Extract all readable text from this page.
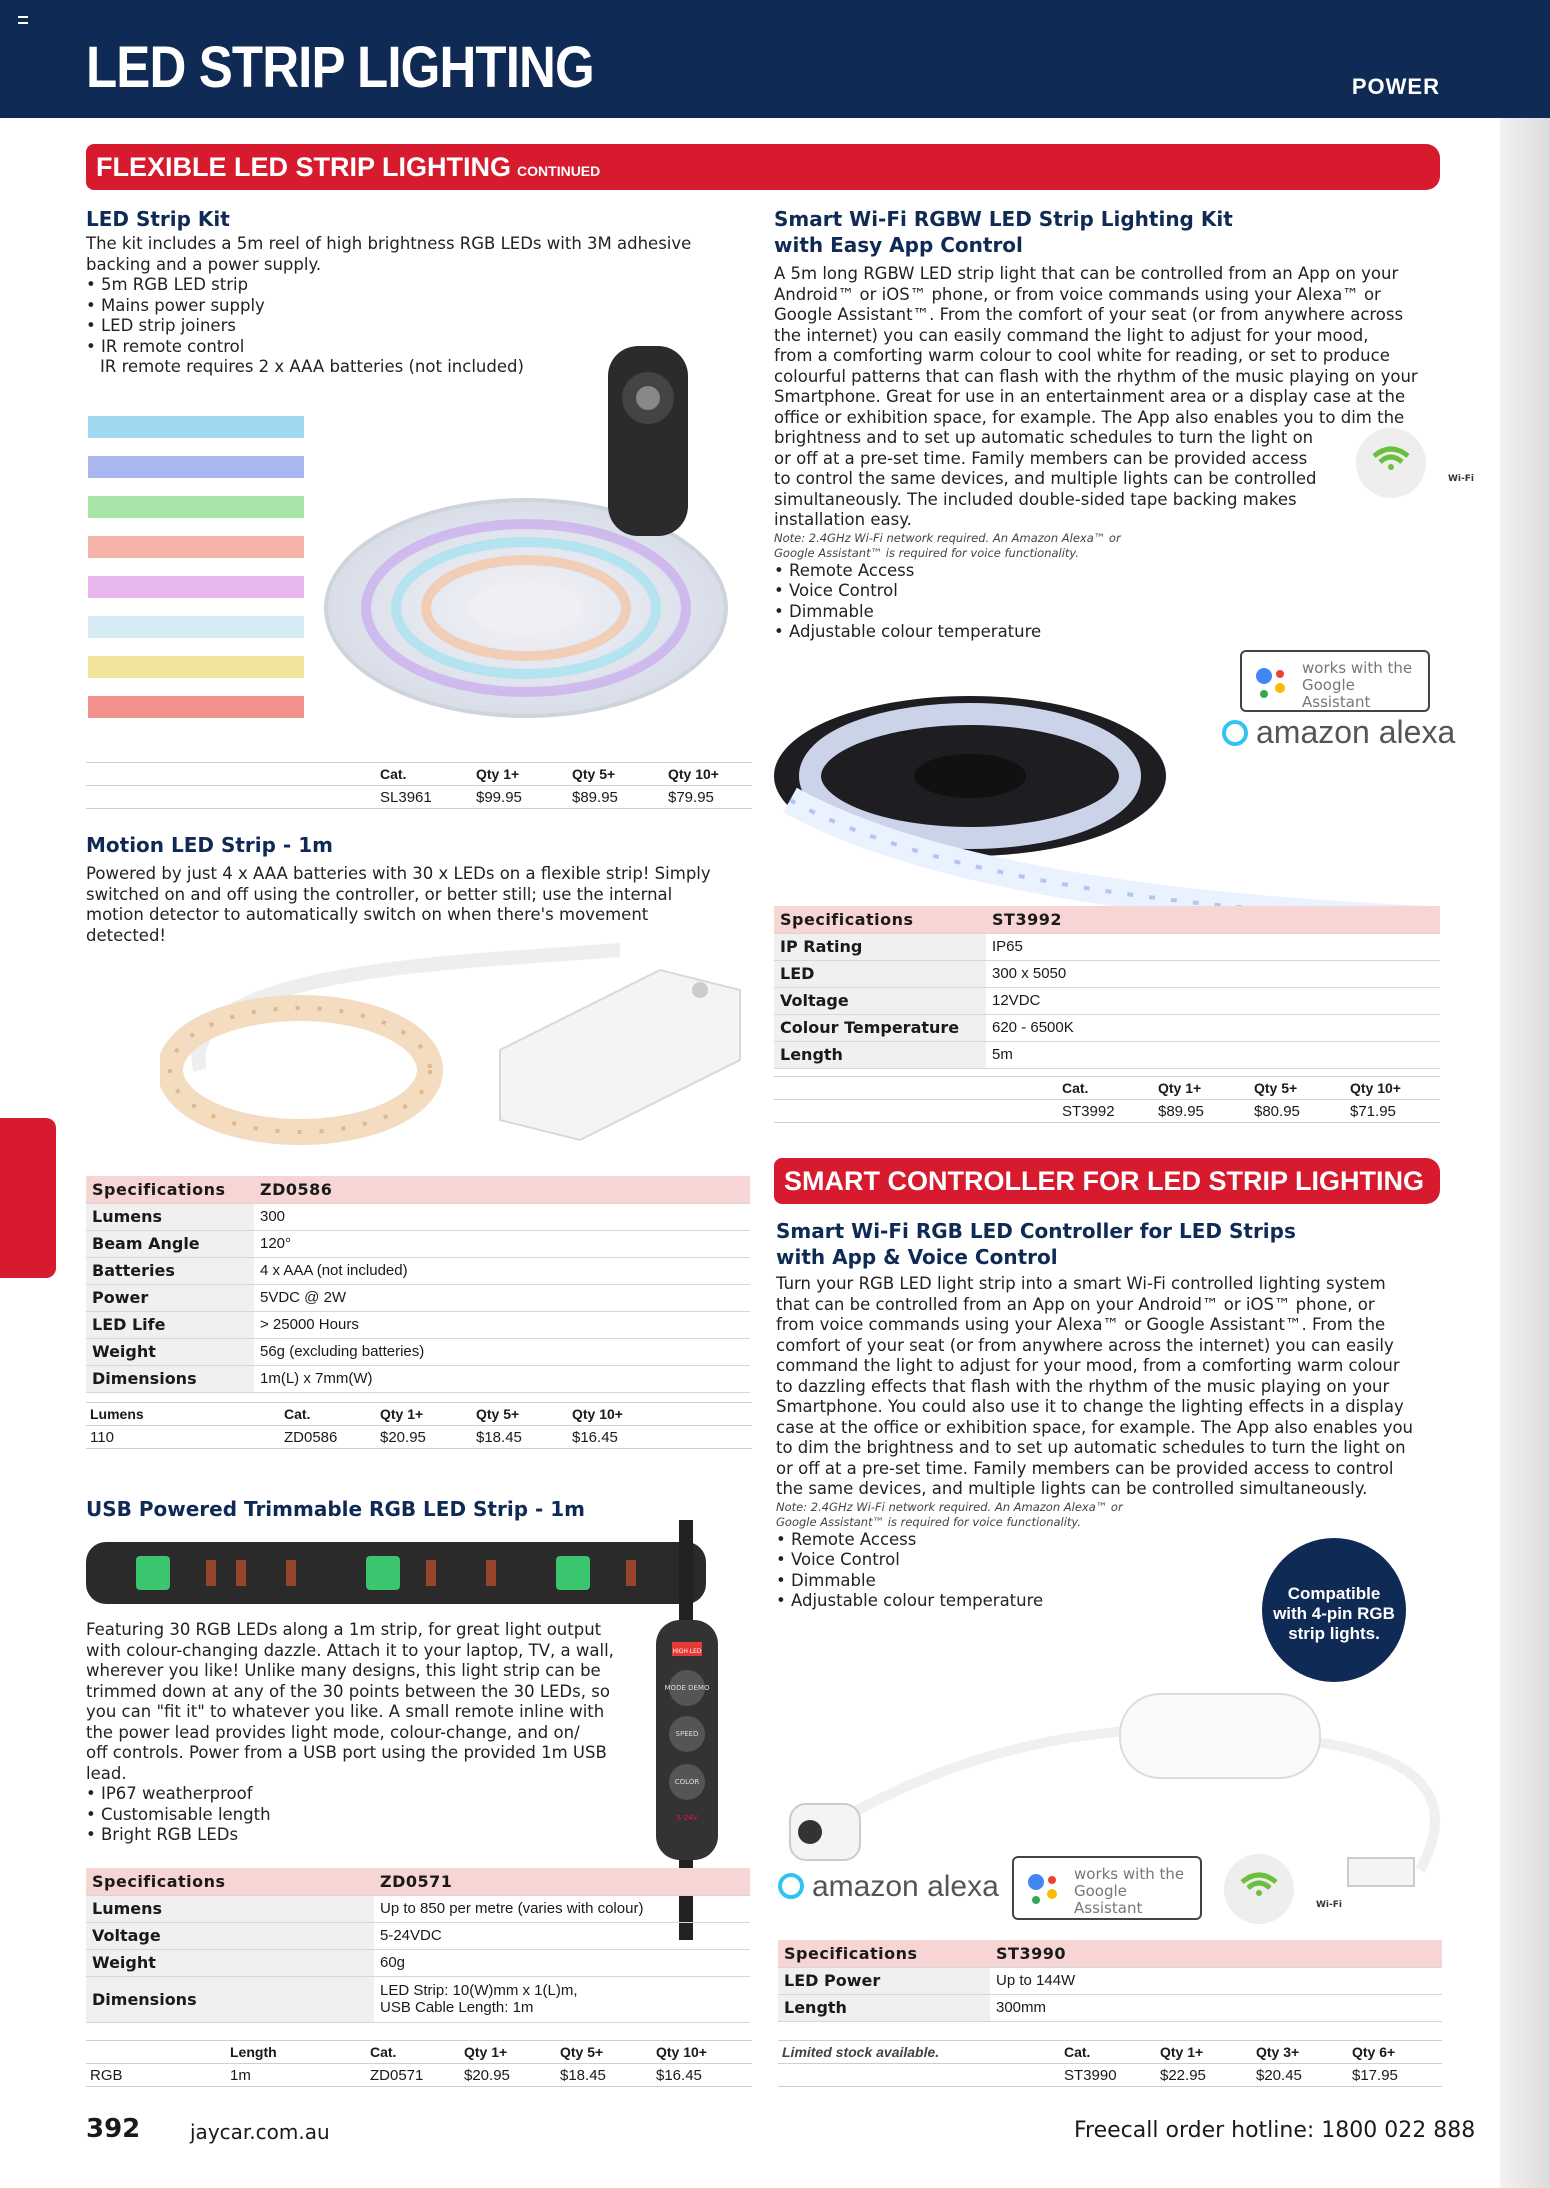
LED STRIP LIGHTING	POWER
FLEXIBLE LED STRIP LIGHTING CONTINUED
LED Strip Kit
The kit includes a 5m reel of high brightness RGB LEDs with 3M adhesive
backing and a power supply.
• 5m RGB LED strip
• Mains power supply
• LED strip joiners
• IR remote control
IR remote requires 2 x AAA batteries (not included)
	Cat.	Qty 1+	Qty 5+	Qty 10+
	SL3961	$99.95	$89.95	$79.95
Motion LED Strip - 1m
Powered by just 4 x AAA batteries with 30 x LEDs on a flexible strip! Simply
switched on and off using the controller, or better still; use the internal
motion detector to automatically switch on when there's movement
detected!
Specifications	ZD0586
Lumens	300
Beam Angle	120°
Batteries	4 x AAA (not included)
Power	5VDC @ 2W
LED Life	> 25000 Hours
Weight	56g (excluding batteries)
Dimensions	1m(L) x 7mm(W)
Lumens	Cat.	Qty 1+	Qty 5+	Qty 10+
110	ZD0586	$20.95	$18.45	$16.45
USB Powered Trimmable RGB LED Strip - 1m
HIGH LED
MODE DEMO
SPEED
COLOR
5-24V
Featuring 30 RGB LEDs along a 1m strip, for great light output
with colour-changing dazzle. Attach it to your laptop, TV, a wall,
wherever you like! Unlike many designs, this light strip can be
trimmed down at any of the 30 points between the 30 LEDs, so
you can "fit it" to whatever you like. A small remote inline with
the power lead provides light mode, colour-change, and on/
off controls. Power from a USB port using the provided 1m USB
lead.
• IP67 weatherproof
• Customisable length
• Bright RGB LEDs
Specifications	ZD0571
Lumens	Up to 850 per metre (varies with colour)
Voltage	5-24VDC
Weight	60g
Dimensions	LED Strip: 10(W)mm x 1(L)m,
USB Cable Length: 1m
	Length	Cat.	Qty 1+	Qty 5+	Qty 10+
RGB	1m	ZD0571	$20.95	$18.45	$16.45
Smart Wi-Fi RGBW LED Strip Lighting Kit
with Easy App Control
A 5m long RGBW LED strip light that can be controlled from an App on your
Android™ or iOS™ phone, or from voice commands using your Alexa™ or
Google Assistant™. From the comfort of your seat (or from anywhere across
the internet) you can easily command the light to adjust for your mood,
from a comforting warm colour to cool white for reading, or set to produce
colourful patterns that can flash with the rhythm of the music playing on your
Smartphone. Great for use in an entertainment area or a display case at the
office or exhibition space, for example. The App also enables you to dim the
brightness and to set up automatic schedules to turn the light on
or off at a pre-set time. Family members can be provided access
to control the same devices, and multiple lights can be controlled
simultaneously. The included double-sided tape backing makes
installation easy.
Note: 2.4GHz Wi-Fi network required. An Amazon Alexa™ or
Google Assistant™ is required for voice functionality.
• Remote Access
• Voice Control
• Dimmable
• Adjustable colour temperature
Wi-Fi
works with the
Google Assistant
amazon alexa
Specifications	ST3992
IP Rating	IP65
LED	300 x 5050
Voltage	12VDC
Colour Temperature	620 - 6500K
Length	5m
	Cat.	Qty 1+	Qty 5+	Qty 10+
	ST3992	$89.95	$80.95	$71.95
SMART CONTROLLER FOR LED STRIP LIGHTING
Smart Wi-Fi RGB LED Controller for LED Strips
with App & Voice Control
Turn your RGB LED light strip into a smart Wi-Fi controlled lighting system
that can be controlled from an App on your Android™ or iOS™ phone, or
from voice commands using your Alexa™ or Google Assistant™. From the
comfort of your seat (or from anywhere across the internet) you can easily
command the light to adjust for your mood, from a comforting warm colour
to dazzling effects that flash with the rhythm of the music playing on your
Smartphone. You could also use it to change the lighting effects in a display
case at the office or exhibition space, for example. The App also enables you
to dim the brightness and to set up automatic schedules to turn the light on
or off at a pre-set time. Family members can be provided access to control
the same devices, and multiple lights can be controlled simultaneously.
Note: 2.4GHz Wi-Fi network required. An Amazon Alexa™ or
Google Assistant™ is required for voice functionality.
• Remote Access
• Voice Control
• Dimmable
• Adjustable colour temperature	Compatible
with 4-pin RGB
strip lights.
amazon alexa	works with the
Google Assistant	Wi-Fi
Specifications	ST3990
LED Power	Up to 144W
Length	300mm
Limited stock available.	Cat.	Qty 1+	Qty 3+	Qty 6+
	ST3990	$22.95	$20.45	$17.95
392 jaycar.com.au	Freecall order hotline: 1800 022 888
